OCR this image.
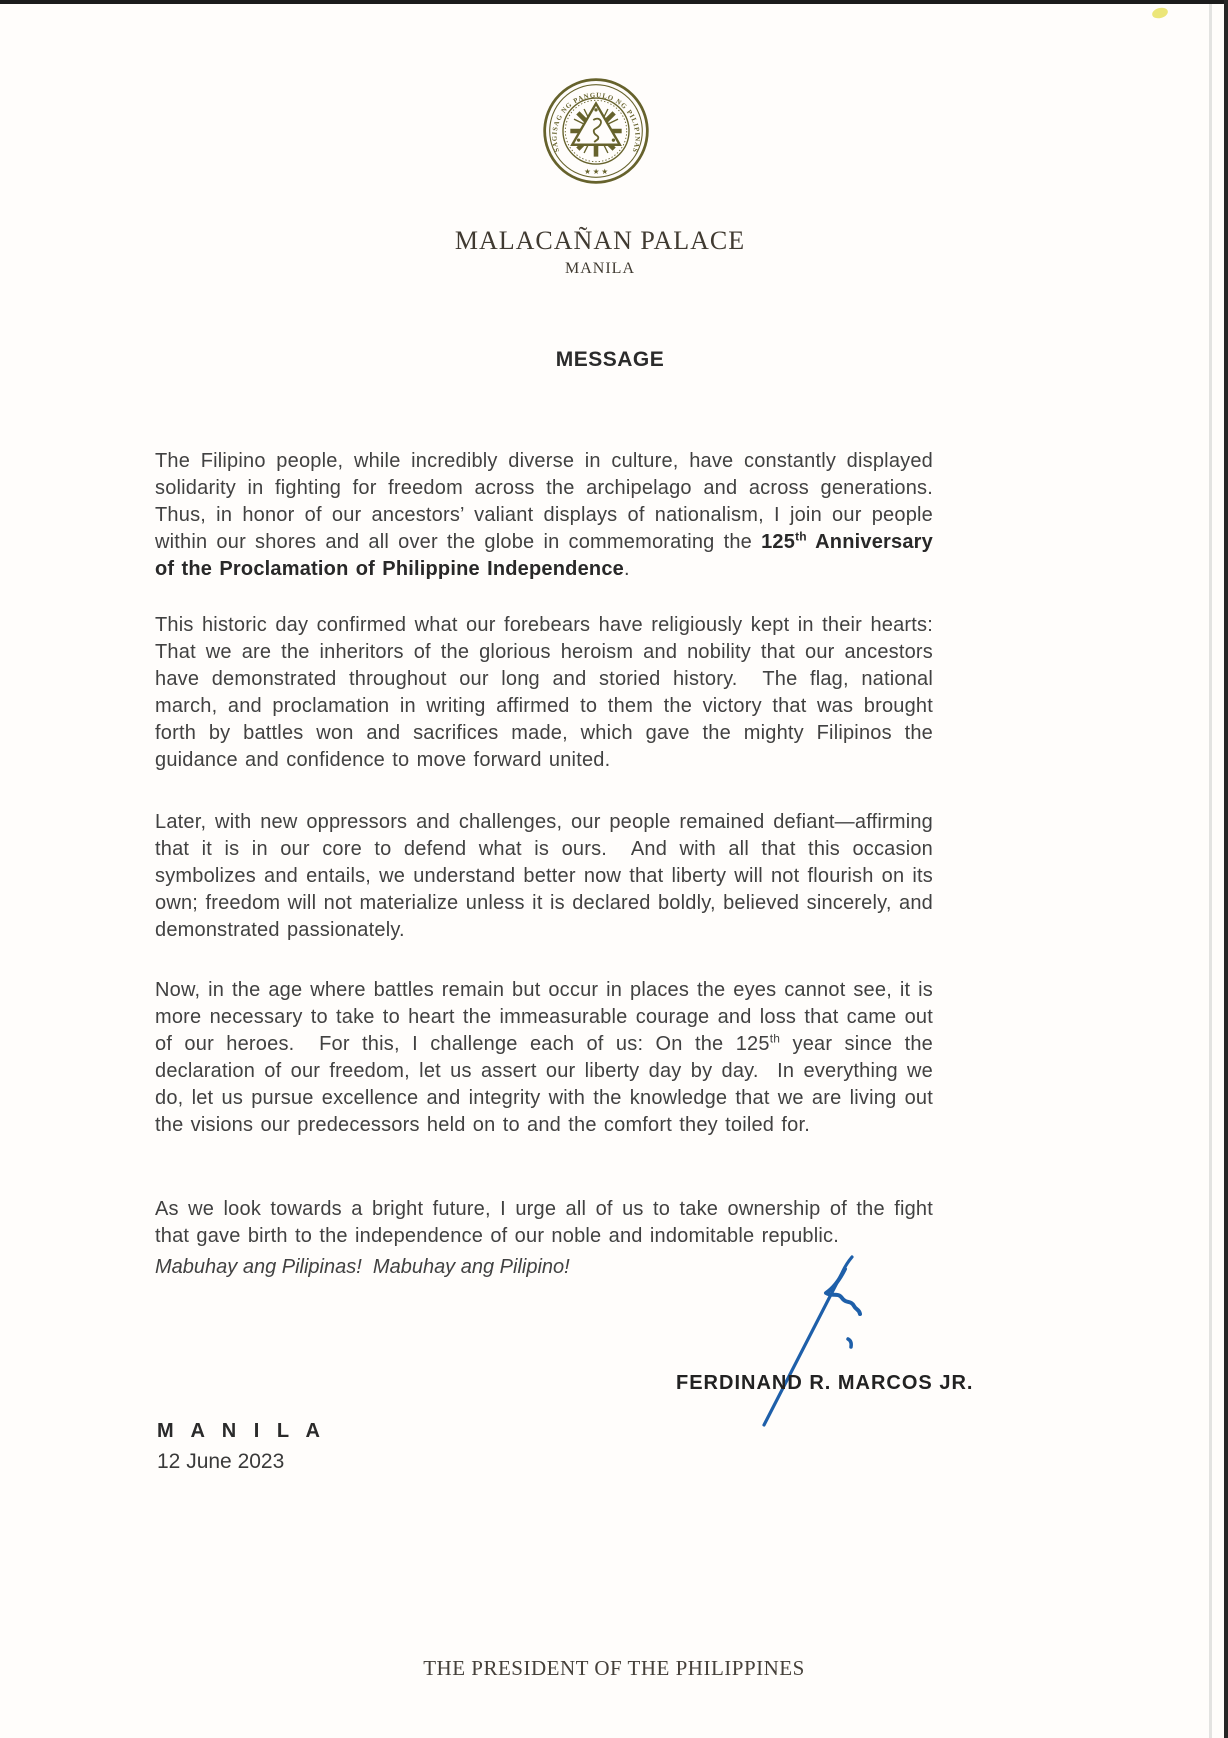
SAGISAG NG PANGULO NG PILIPINAS
★ ★ ★
MALACAÑAN PALACE
MANILA
MESSAGE

The Filipino people, while incredibly diverse in culture, have constantly displayed solidarity in fighting for freedom across the archipelago and across generations.  Thus, in honor of our ancestors’ valiant displays of nationalism, I join our people within our shores and all over the globe in commemorating the 125th Anniversary of the Proclamation of Philippine Independence.

This historic day confirmed what our forebears have religiously kept in their hearts: That we are the inheritors of the glorious heroism and nobility that our ancestors have demonstrated throughout our long and storied history.  The flag, national march, and proclamation in writing affirmed to them the victory that was brought forth by battles won and sacrifices made, which gave the mighty Filipinos the guidance and confidence to move forward united.

Later, with new oppressors and challenges, our people remained defiant—affirming that it is in our core to defend what is ours.  And with all that this occasion symbolizes and entails, we understand better now that liberty will not flourish on its own; freedom will not materialize unless it is declared boldly, believed sincerely, and demonstrated passionately.

Now, in the age where battles remain but occur in places the eyes cannot see, it is more necessary to take to heart the immeasurable courage and loss that came out of our heroes.  For this, I challenge each of us: On the 125th year since the declaration of our freedom, let us assert our liberty day by day.  In everything we do, let us pursue excellence and integrity with the knowledge that we are living out the visions our predecessors held on to and the comfort they toiled for.

As we look towards a bright future, I urge all of us to take ownership of the fight that gave birth to the independence of our noble and indomitable republic.

Mabuhay ang Pilipinas!  Mabuhay ang Pilipino!
FERDINAND R. MARCOS JR.
M A N I L A
12 June 2023
THE PRESIDENT OF THE PHILIPPINES
